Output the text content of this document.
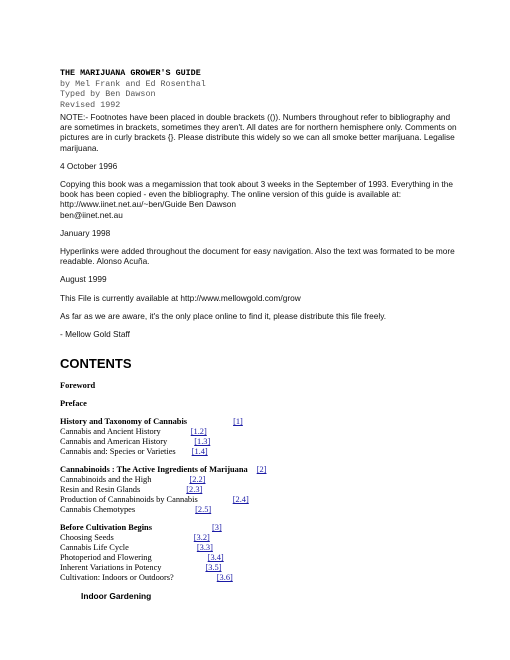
THE MARIJUANA GROWER'S GUIDE
by Mel Frank and Ed Rosenthal
Typed by Ben Dawson
Revised 1992
NOTE:- Footnotes have been placed in double brackets (()). Numbers throughout refer to bibliography and are sometimes in brackets, sometimes they aren't. All dates are for northern hemisphere only. Comments on pictures are in curly brackets {}. Please distribute this widely so we can all smoke better marijuana. Legalise marijuana.
4 October 1996
Copying this book was a megamission that took about 3 weeks in the September of 1993. Everything in the book has been copied - even the bibliography. The online version of this guide is available at:
http://www.iinet.net.au/~ben/Guide Ben Dawson
ben@iinet.net.au
January 1998
Hyperlinks were added throughout the document for easy navigation. Also the text was formated to be more readable. Alonso Acuña.
August 1999
This File is currently available at http://www.mellowgold.com/grow
As far as we are aware, it's the only place online to find it, please distribute this file freely.
- Mellow Gold Staff
CONTENTS
Foreword
Preface
History and Taxonomy of Cannabis	[1]
Cannabis and Ancient History	[1.2]
Cannabis and American History	[1.3]
Cannabis and: Species or Varieties [1.4]
Cannabinoids : The Active Ingredients of Marijuana [2]
Cannabinoids and the High	[2.2]
Resin and Resin Glands	[2.3]
Production of Cannabinoids by Cannabis	[2.4]
Cannabis Chemotypes	[2.5]
Before Cultivation Begins	[3]
Choosing Seeds	[3.2]
Cannabis Life Cycle	[3.3]
Photoperiod and Flowering	[3.4]
Inherent Variations in Potency	[3.5]
Cultivation: Indoors or Outdoors?	[3.6]
Indoor Gardening
